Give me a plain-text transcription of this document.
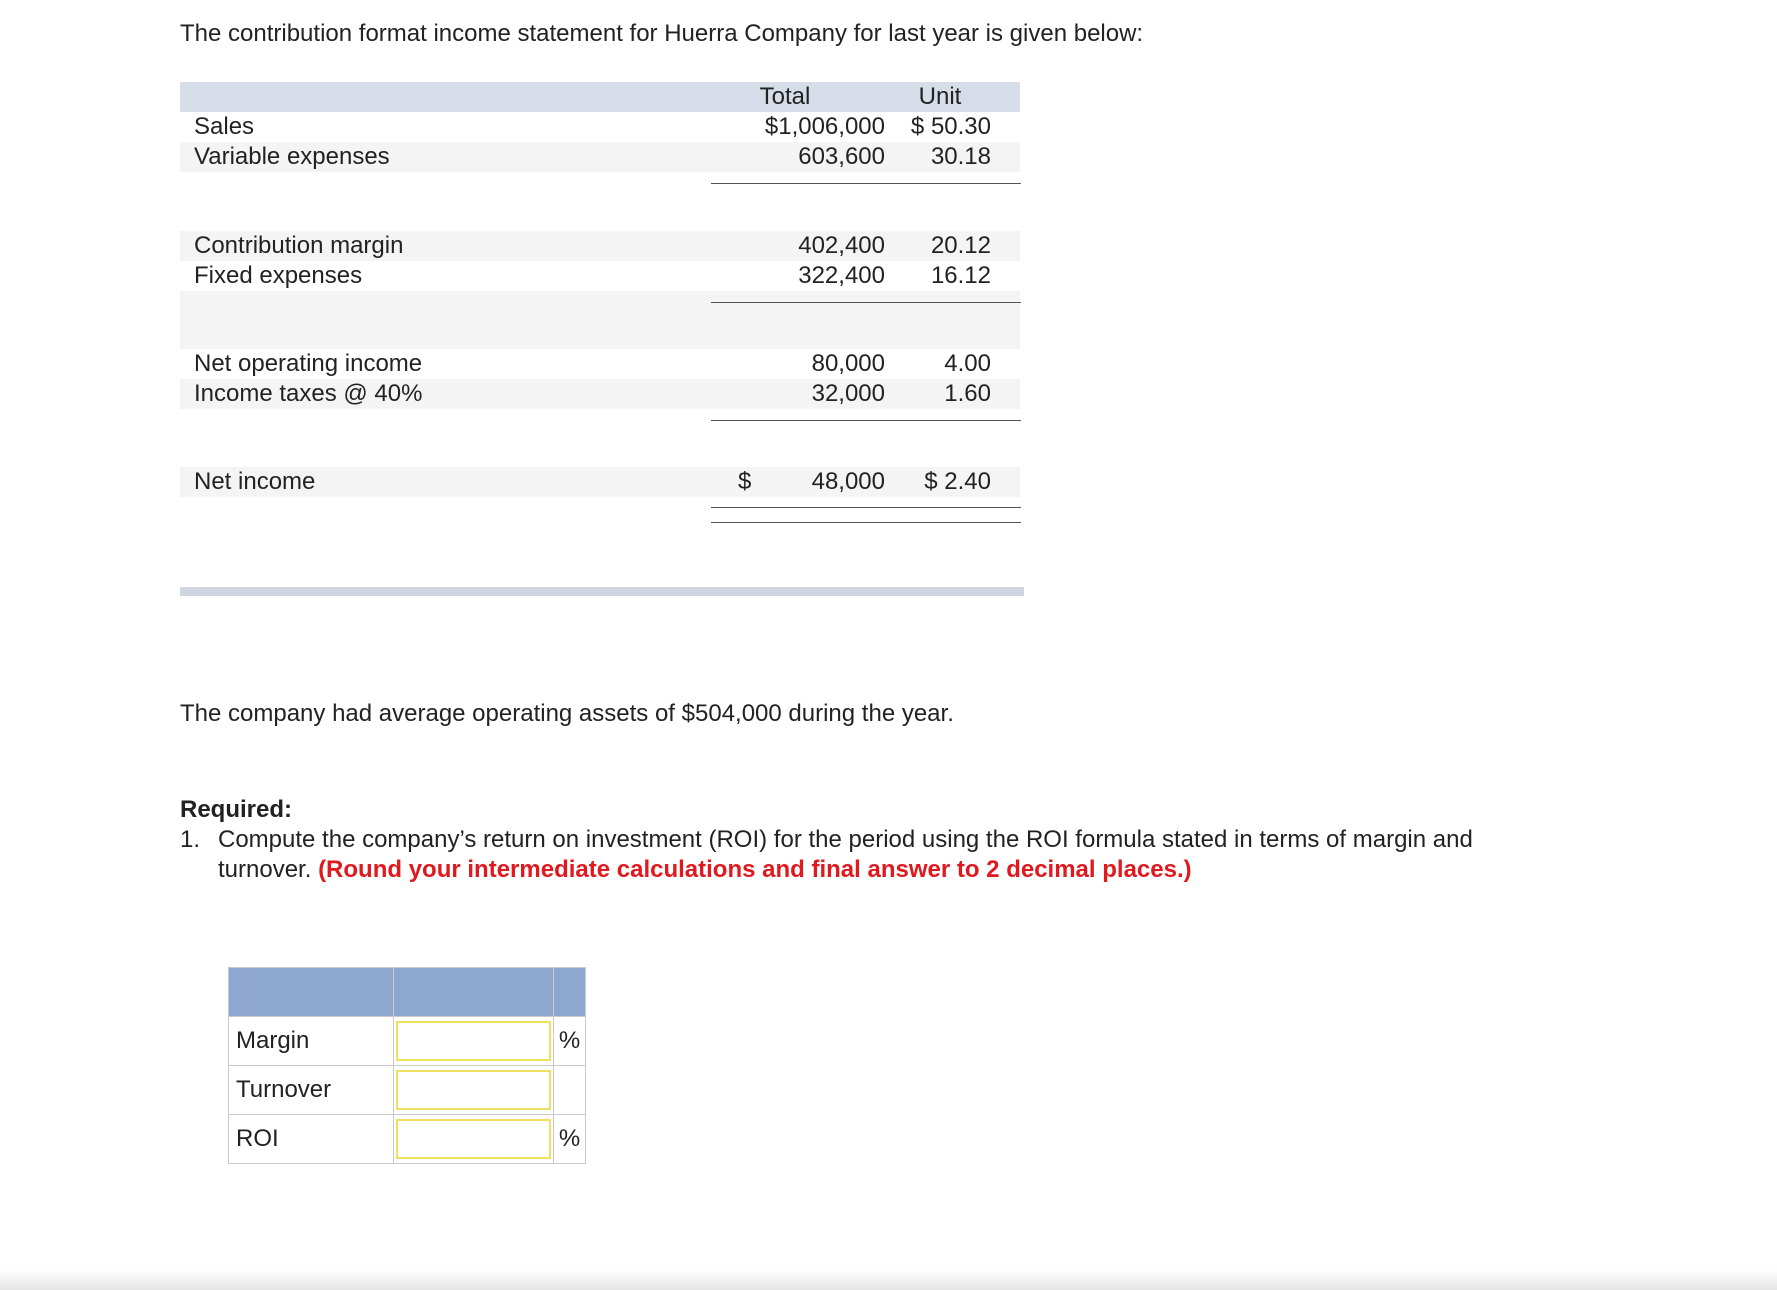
The contribution format income statement for Huerra Company for last year is given below:
Total	Unit
Sales	$1,006,000	$ 50.30
Variable expenses	603,600	30.18
Contribution margin	402,400	20.12
Fixed expenses	322,400	16.12
Net operating income	80,000	4.00
Income taxes @ 40%	32,000	1.60
Net income	$	48,000	$ 2.40
The company had average operating assets of $504,000 during the year.
Required:
1. Compute the company’s return on investment (ROI) for the period using the ROI formula stated in terms of margin and turnover. (Round your intermediate calculations and final answer to 2 decimal places.)

Margin		%
Turnover		
ROI		%
